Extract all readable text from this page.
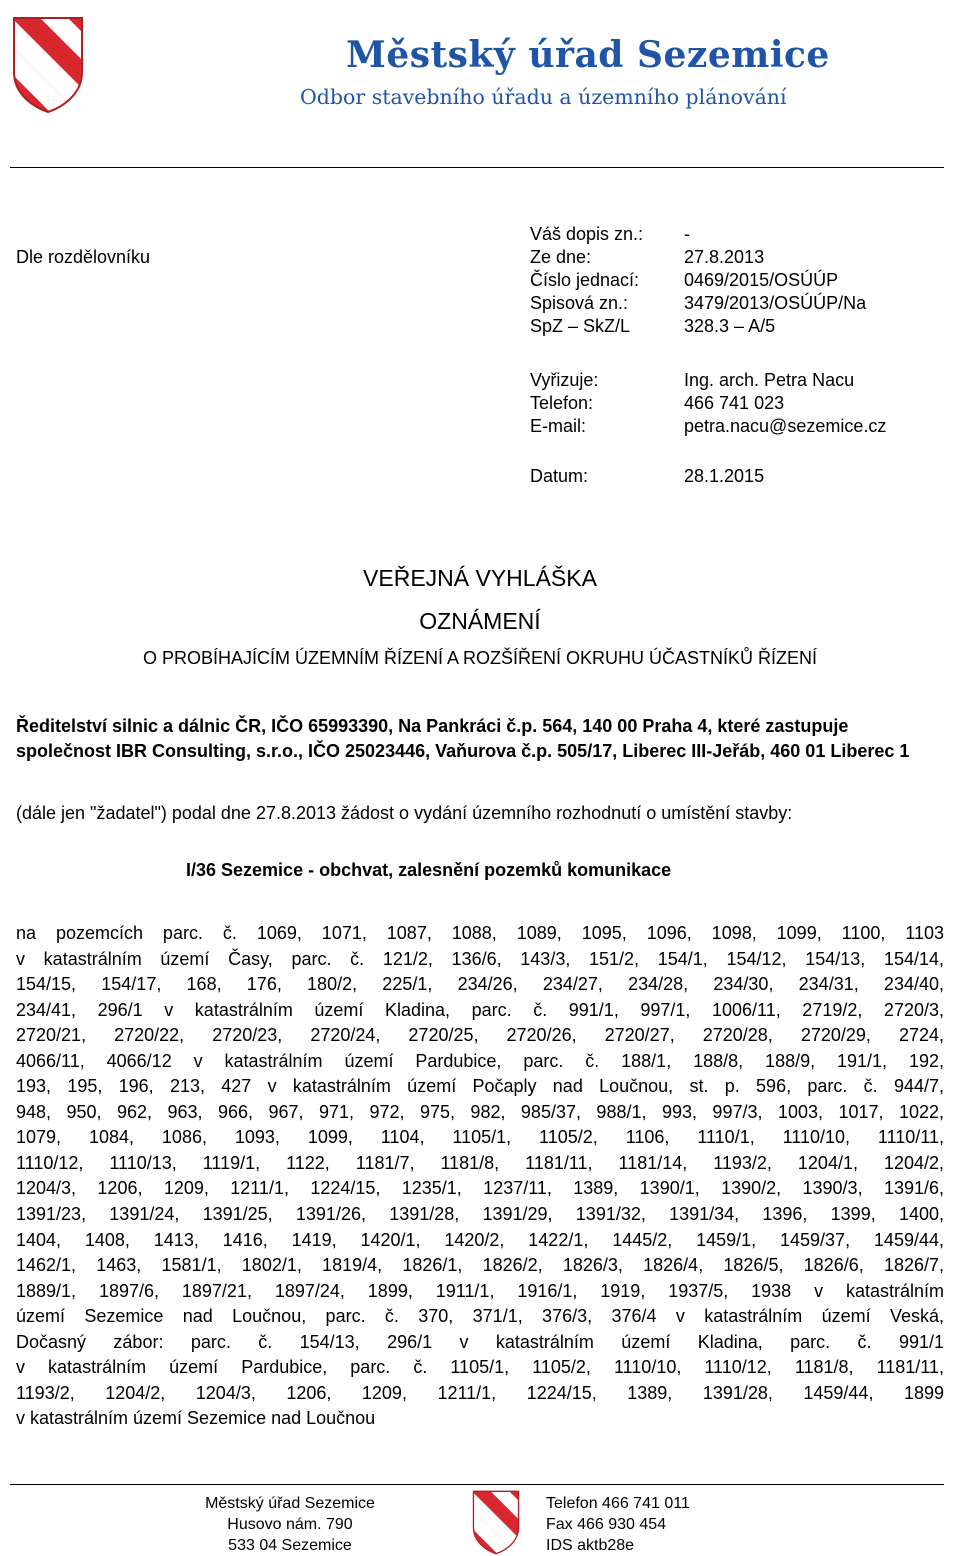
Městský úřad Sezemice
Odbor stavebního úřadu a územního plánování
Dle rozdělovníku
Váš dopis zn.: -
Ze dne:	27.8.2013
Číslo jednací: 0469/2015/OSÚÚP
Spisová zn.:	3479/2013/OSÚÚP/Na
SpZ – SkZ/L	328.3 – A/5
Vyřizuje:	Ing. arch. Petra Nacu
Telefon:	466 741 023
E-mail:	petra.nacu@sezemice.cz
Datum:	28.1.2015
VEŘEJNÁ VYHLÁŠKA
OZNÁMENÍ
O PROBÍHAJÍCÍM ÚZEMNÍM ŘÍZENÍ A ROZŠÍŘENÍ OKRUHU ÚČASTNÍKŮ ŘÍZENÍ
Ředitelství silnic a dálnic ČR, IČO 65993390, Na Pankráci č.p. 564, 140 00 Praha 4, které zastupuje společnost IBR Consulting, s.r.o., IČO 25023446, Vaňurova č.p. 505/17, Liberec III-Jeřáb, 460 01 Liberec 1
(dále jen "žadatel") podal dne 27.8.2013 žádost o vydání územního rozhodnutí o umístění stavby:
I/36 Sezemice - obchvat, zalesnění pozemků komunikace

na pozemcích parc. č. 1069, 1071, 1087, 1088, 1089, 1095, 1096, 1098, 1099, 1100, 1103

v katastrálním území Časy, parc. č. 121/2, 136/6, 143/3, 151/2, 154/1, 154/12, 154/13, 154/14,

154/15, 154/17, 168, 176, 180/2, 225/1, 234/26, 234/27, 234/28, 234/30, 234/31, 234/40,

234/41, 296/1 v katastrálním území Kladina, parc. č. 991/1, 997/1, 1006/11, 2719/2, 2720/3,

2720/21, 2720/22, 2720/23, 2720/24, 2720/25, 2720/26, 2720/27, 2720/28, 2720/29, 2724,

4066/11, 4066/12 v katastrálním území Pardubice, parc. č. 188/1, 188/8, 188/9, 191/1, 192,

193, 195, 196, 213, 427 v katastrálním území Počaply nad Loučnou, st. p. 596, parc. č. 944/7,

948, 950, 962, 963, 966, 967, 971, 972, 975, 982, 985/37, 988/1, 993, 997/3, 1003, 1017, 1022,

1079, 1084, 1086, 1093, 1099, 1104, 1105/1, 1105/2, 1106, 1110/1, 1110/10, 1110/11,

1110/12, 1110/13, 1119/1, 1122, 1181/7, 1181/8, 1181/11, 1181/14, 1193/2, 1204/1, 1204/2,

1204/3, 1206, 1209, 1211/1, 1224/15, 1235/1, 1237/11, 1389, 1390/1, 1390/2, 1390/3, 1391/6,

1391/23, 1391/24, 1391/25, 1391/26, 1391/28, 1391/29, 1391/32, 1391/34, 1396, 1399, 1400,

1404, 1408, 1413, 1416, 1419, 1420/1, 1420/2, 1422/1, 1445/2, 1459/1, 1459/37, 1459/44,

1462/1, 1463, 1581/1, 1802/1, 1819/4, 1826/1, 1826/2, 1826/3, 1826/4, 1826/5, 1826/6, 1826/7,

1889/1, 1897/6, 1897/21, 1897/24, 1899, 1911/1, 1916/1, 1919, 1937/5, 1938 v katastrálním

území Sezemice nad Loučnou, parc. č. 370, 371/1, 376/3, 376/4 v katastrálním území Veská,

Dočasný zábor: parc. č. 154/13, 296/1 v katastrálním území Kladina, parc. č. 991/1

v katastrálním území Pardubice, parc. č. 1105/1, 1105/2, 1110/10, 1110/12, 1181/8, 1181/11,

1193/2, 1204/2, 1204/3, 1206, 1209, 1211/1, 1224/15, 1389, 1391/28, 1459/44, 1899

v katastrálním území Sezemice nad Loučnou

Městský úřad Sezemice
Husovo nám. 790
533 04 Sezemice
Telefon 466 741 011
Fax 466 930 454
IDS aktb28e
